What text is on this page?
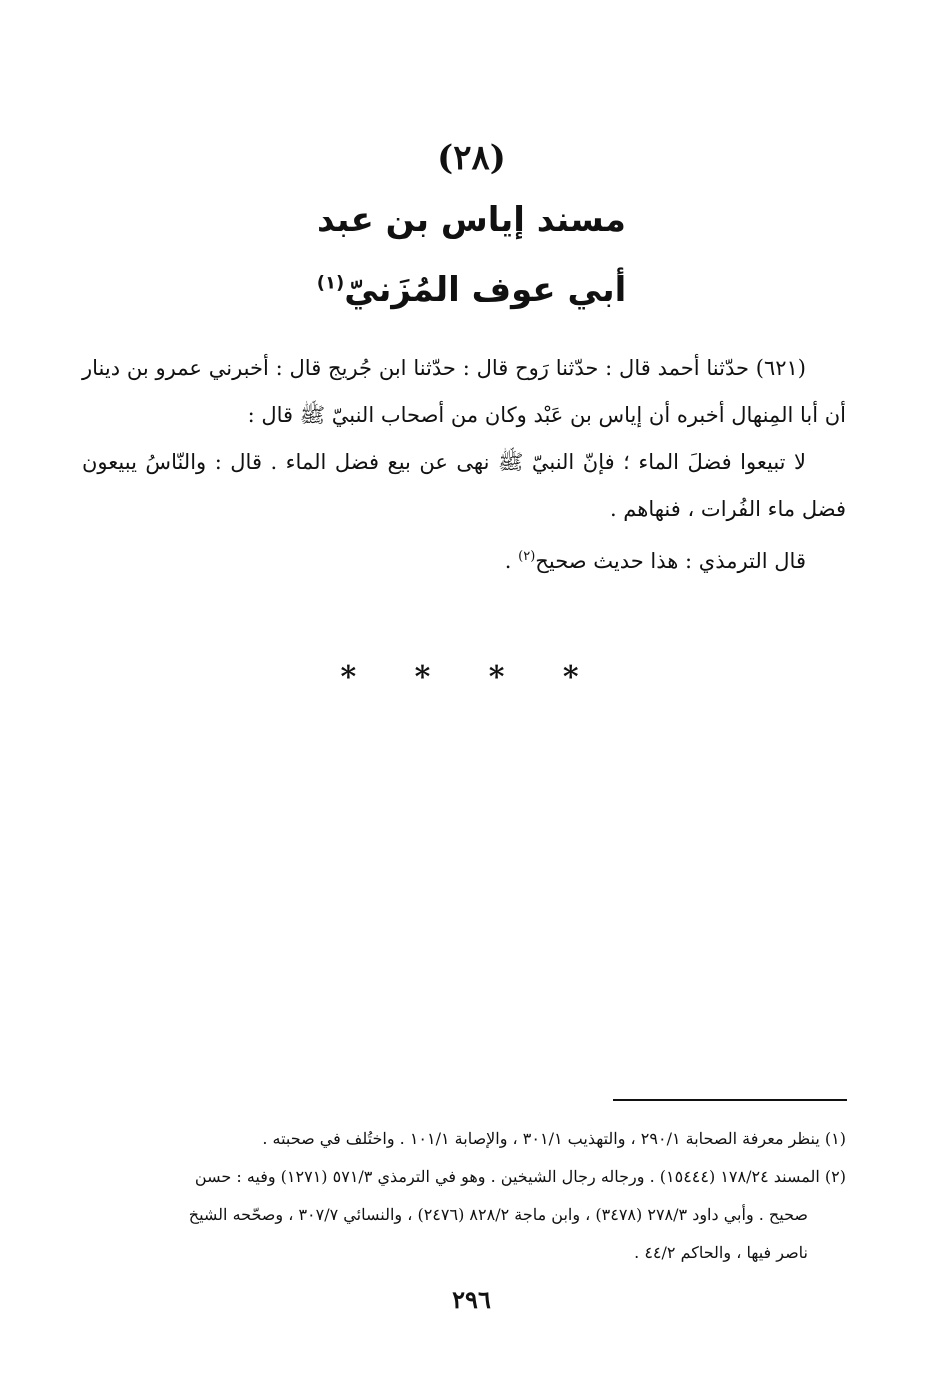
(٢٨)
مسند إياس بن عبد
أبي عوف المُزَنيّ$^{(١)}$

(٦٢١) حدّثنا أحمد قال : حدّثنا رَوح قال : حدّثنا ابن جُريج قال : أخبرني عمرو بن دينار أن أبا المِنهال أخبره أن إياس بن عَبْد وكان من أصحاب النبيّ ﷺ قال :

لا تبيعوا فضلَ الماء ؛ فإنّ النبيّ ﷺ نهى عن بيع فضل الماء . قال : والنّاسُ يبيعون فضل ماء الفُرات ، فنهاهم .

قال الترمذي : هذا حديث صحيح$^{(٢)}$ .

* * * *

(١) ينظر معرفة الصحابة ٢٩٠/١ ، والتهذيب ٣٠١/١ ، والإصابة ١٠١/١ . واختُلف في صحبته .

(٢) المسند ١٧٨/٢٤ (١٥٤٤٤) . ورجاله رجال الشيخين . وهو في الترمذي ٥٧١/٣ (١٢٧١) وفيه : حسن

صحيح . وأبي داود ٢٧٨/٣ (٣٤٧٨) ، وابن ماجة ٨٢٨/٢ (٢٤٧٦) ، والنسائي ٣٠٧/٧ ، وصحّحه الشيخ

ناصر فيها ، والحاكم ٤٤/٢ .

٢٩٦
